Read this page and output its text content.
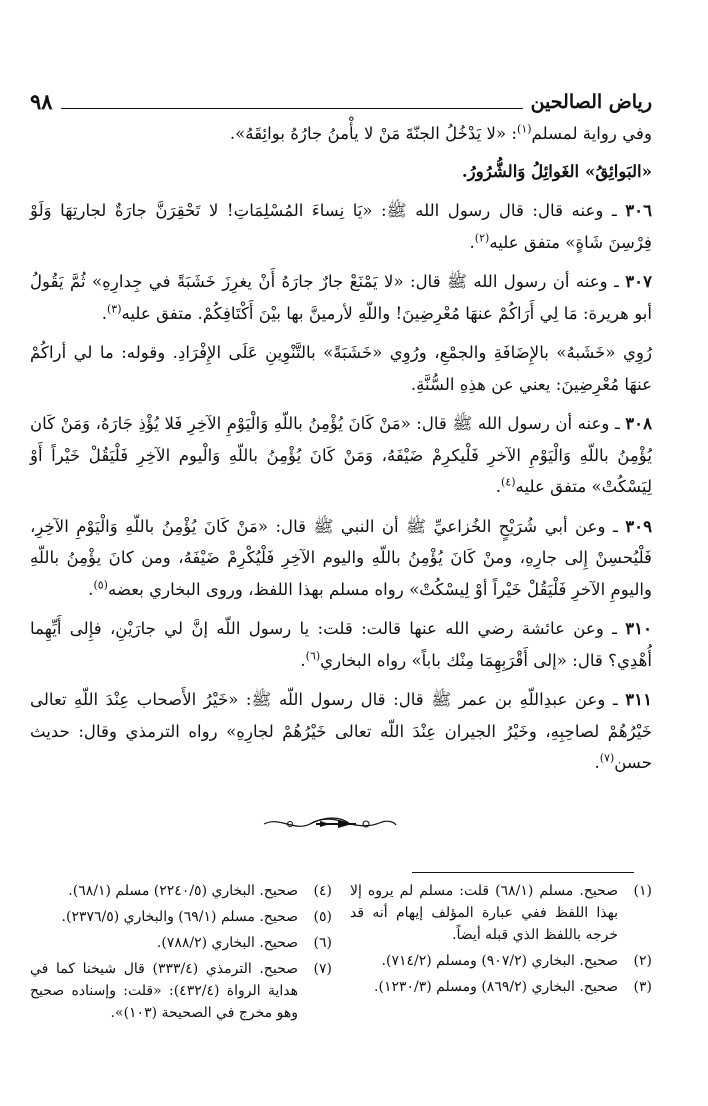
رياض الصالحين
٩٨

وفي رواية لمسلم$^{(١)}$: «لا يَدْخُلُ الجنّةَ مَنْ لا يأْمنُ جارُهُ بوائِقَهُ».

«البَوائِقُ» الغَوائِلُ وَالشُّرُورُ.

٣٠٦ ـ وعنه قال: قال رسول الله ﷺ: «يَا نِساءَ المُسْلِمَاتِ! لا تَحْقِرَنَّ جارَةٌ لجارتِهَا وَلَوْ فِرْسِنَ شَاةٍ» متفق عليه$^{(٢)}$.

٣٠٧ ـ وعنه أن رسول الله ﷺ قال: «لا يَمْنَعْ جارٌ جارَهُ أَنْ يغرِزَ خَشَبَةً في جِدارِهِ» ثُمَّ يَقُولُ أبو هريرة: مَا لِي أَرَاكُمْ عنهَا مُعْرِضِينَ! واللّهِ لأرمينَّ بها بيْنَ أَكْتَافِكُمْ. متفق عليه$^{(٣)}$.

رُوِي «خَشَبهُ» بالإِضَافَةِ والجمْعِ، ورُوِي «خَشَبَةً» بالتَّنْوِينِ عَلَى الإِفْرَادِ. وقوله: ما لي أراكُمْ عنهَا مُعْرِضِينَ: يعني عن هذِهِ السُّنَّةِ.

٣٠٨ ـ وعنه أن رسول الله ﷺ قال: «مَنْ كَانَ يُؤْمِنُ باللّهِ وَالْيَوْمِ الآخِرِ فَلا يُؤْذِ جَارَهُ، وَمَنْ كَان يُؤْمِنُ باللّهِ وَالْيَوْمِ الآخرِ فَلْيكرِمْ ضَيْفَهُ، وَمَنْ كَانَ يُؤْمِنُ باللّهِ وَالْيوم الآخِرِ فَلْيَقُلْ خَيْراً أَوْ لِيَسْكُتْ» متفق عليه$^{(٤)}$.

٣٠٩ ـ وعن أبي شُرَيْحٍ الخُزاعيِّ ﷺ أن النبي ﷺ قال: «مَنْ كَانَ يُؤْمِنُ باللّهِ وَالْيَوْمِ الآخِرِ، فَلْيُحسِنْ إِلى جارِهِ، ومنْ كَانَ يُؤْمِنُ باللّهِ واليوم الآخِرِ فَلْيُكْرِمْ ضَيْفَهُ، ومن كانَ يؤْمِنُ باللّهِ واليومِ الآخرِ فَلْيَقُلْ خَيْراً أوْ لِيسْكُتْ» رواه مسلم بهذا اللفظ، وروى البخاري بعضه$^{(٥)}$.

٣١٠ ـ وعن عائشة رضي الله عنها قالت: قلت: يا رسول اللّه إنَّ لي جارَيْنِ، فإِلى أَيِّهِما أُهْدِي؟ قال: «إلى أَقْرَبِهِمَا مِنْك باباً» رواه البخاري$^{(٦)}$.

٣١١ ـ وعن عبدِاللّهِ بن عمر ﷺ قال: قال رسول اللّه ﷺ: «خَيْرُ الأَصحاب عِنْدَ اللّهِ تعالى خَيْرُهُمْ لصاحِبِهِ، وخَيْرُ الجيران عِنْدَ اللّه تعالى خَيْرُهُمْ لجارِهِ» رواه الترمذي وقال: حديث حسن$^{(٧)}$.

(١)
صحيح. مسلم (٦٨/١) قلت: مسلم لم يروه إلا بهذا اللفظ ففي عبارة المؤلف إيهام أنه قد خرجه باللفظ الذي قبله أيضاً.
(٢)
صحيح. البخاري (٩٠٧/٢) ومسلم (٧١٤/٢).
(٣)
صحيح. البخاري (٨٦٩/٢) ومسلم (١٢٣٠/٣).
(٤)
صحيح. البخاري (٢٢٤٠/٥) مسلم (٦٨/١).
(٥)
صحيح. مسلم (٦٩/١) والبخاري (٢٣٧٦/٥).
(٦)
صحيح. البخاري (٧٨٨/٢).
(٧)
صحيح. الترمذي (٣٣٣/٤) قال شيخنا كما في هداية الرواة (٤٣٢/٤): «قلت: وإسناده صحيح وهو مخرج في الصحيحة (١٠٣)».
